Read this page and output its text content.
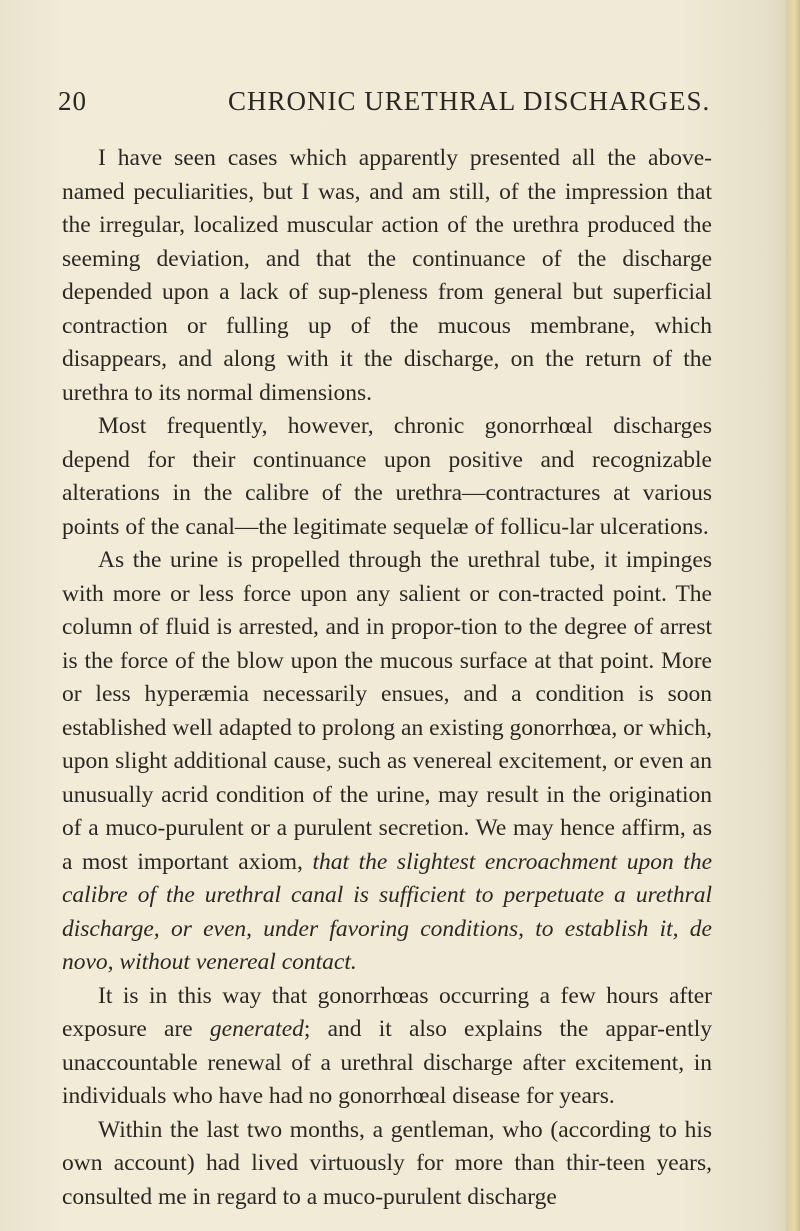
20	CHRONIC URETHRAL DISCHARGES.

I have seen cases which apparently presented all the above-named peculiarities, but I was, and am still, of the impression that the irregular, localized muscular action of the urethra produced the seeming deviation, and that the continuance of the discharge depended upon a lack of sup-pleness from general but superficial contraction or fulling up of the mucous membrane, which disappears, and along with it the discharge, on the return of the urethra to its normal dimensions.

Most frequently, however, chronic gonorrhœal discharges depend for their continuance upon positive and recognizable alterations in the calibre of the urethra—contractures at various points of the canal—the legitimate sequelæ of follicu-lar ulcerations.

As the urine is propelled through the urethral tube, it impinges with more or less force upon any salient or con-tracted point. The column of fluid is arrested, and in propor-tion to the degree of arrest is the force of the blow upon the mucous surface at that point. More or less hyperæmia necessarily ensues, and a condition is soon established well adapted to prolong an existing gonorrhœa, or which, upon slight additional cause, such as venereal excitement, or even an unusually acrid condition of the urine, may result in the origination of a muco-purulent or a purulent secretion. We may hence affirm, as a most important axiom, that the slightest encroachment upon the calibre of the urethral canal is sufficient to perpetuate a urethral discharge, or even, under favoring conditions, to establish it, de novo, without venereal contact.

It is in this way that gonorrhœas occurring a few hours after exposure are generated; and it also explains the appar-ently unaccountable renewal of a urethral discharge after excitement, in individuals who have had no gonorrhœal disease for years.

Within the last two months, a gentleman, who (according to his own account) had lived virtuously for more than thir-teen years, consulted me in regard to a muco-purulent discharge
